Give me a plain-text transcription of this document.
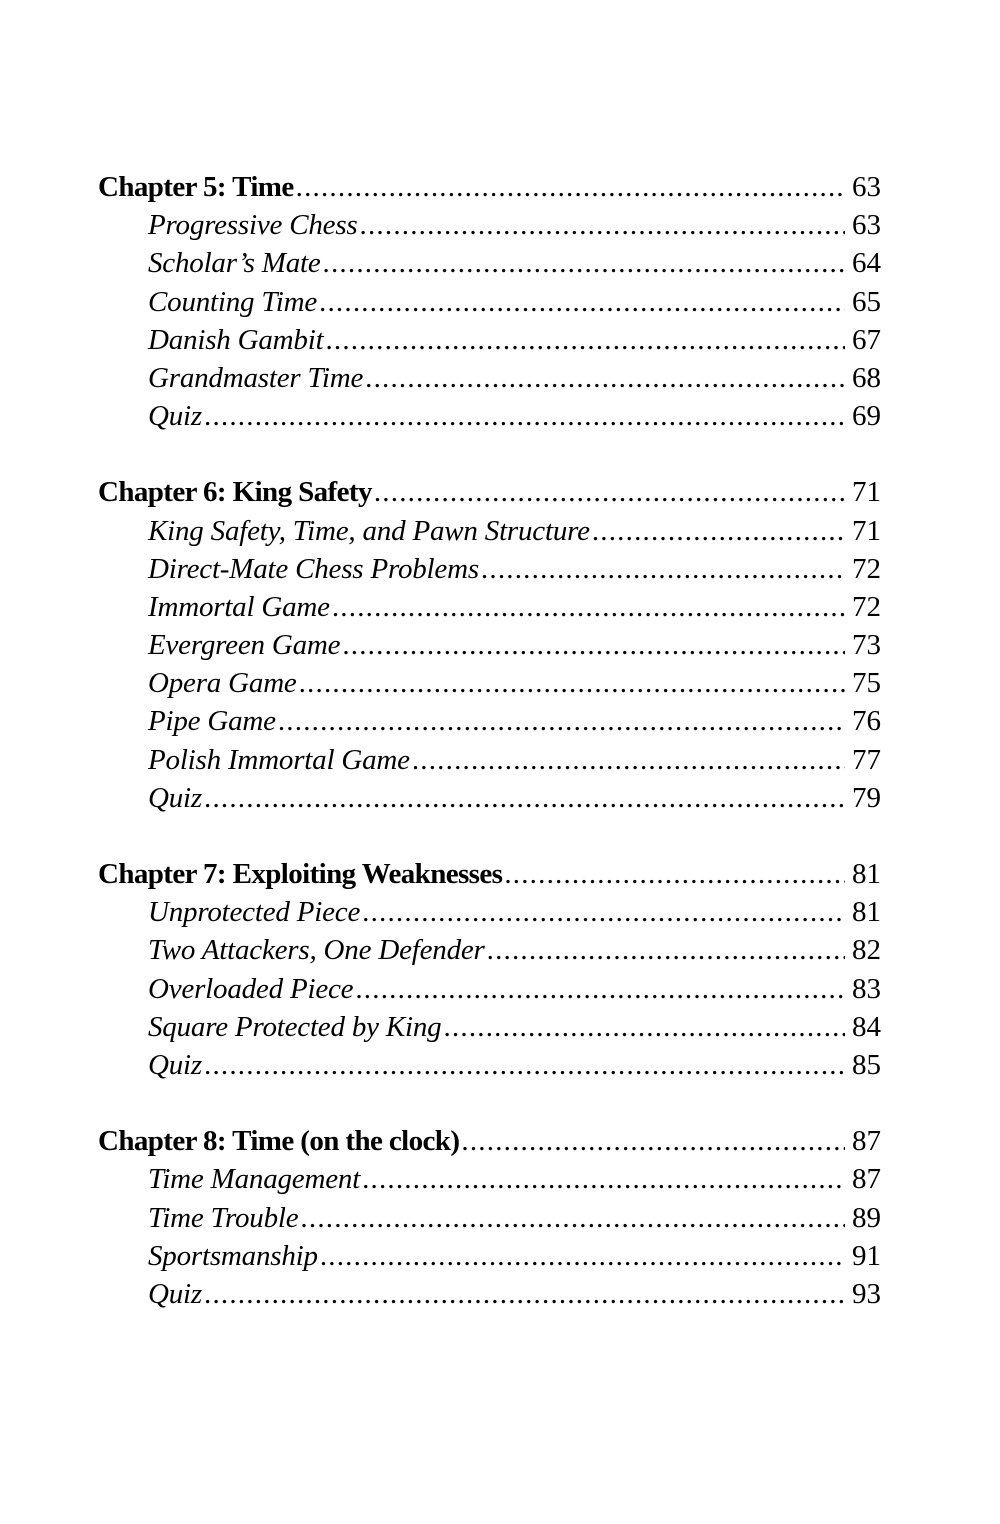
Chapter 5: Time .....	63
Progressive Chess .....	63
Scholar’s Mate .....	64
Counting Time .....	65
Danish Gambit .....	67
Grandmaster Time .....	68
Quiz .....	69
Chapter 6: King Safety .....	71
King Safety, Time, and Pawn Structure .....	71
Direct-Mate Chess Problems .....	72
Immortal Game .....	72
Evergreen Game .....	73
Opera Game .....	75
Pipe Game .....	76
Polish Immortal Game .....	77
Quiz .....	79
Chapter 7: Exploiting Weaknesses .....	81
Unprotected Piece .....	81
Two Attackers, One Defender .....	82
Overloaded Piece .....	83
Square Protected by King .....	84
Quiz .....	85
Chapter 8: Time (on the clock) .....	87
Time Management .....	87
Time Trouble .....	89
Sportsmanship .....	91
Quiz .....	93
